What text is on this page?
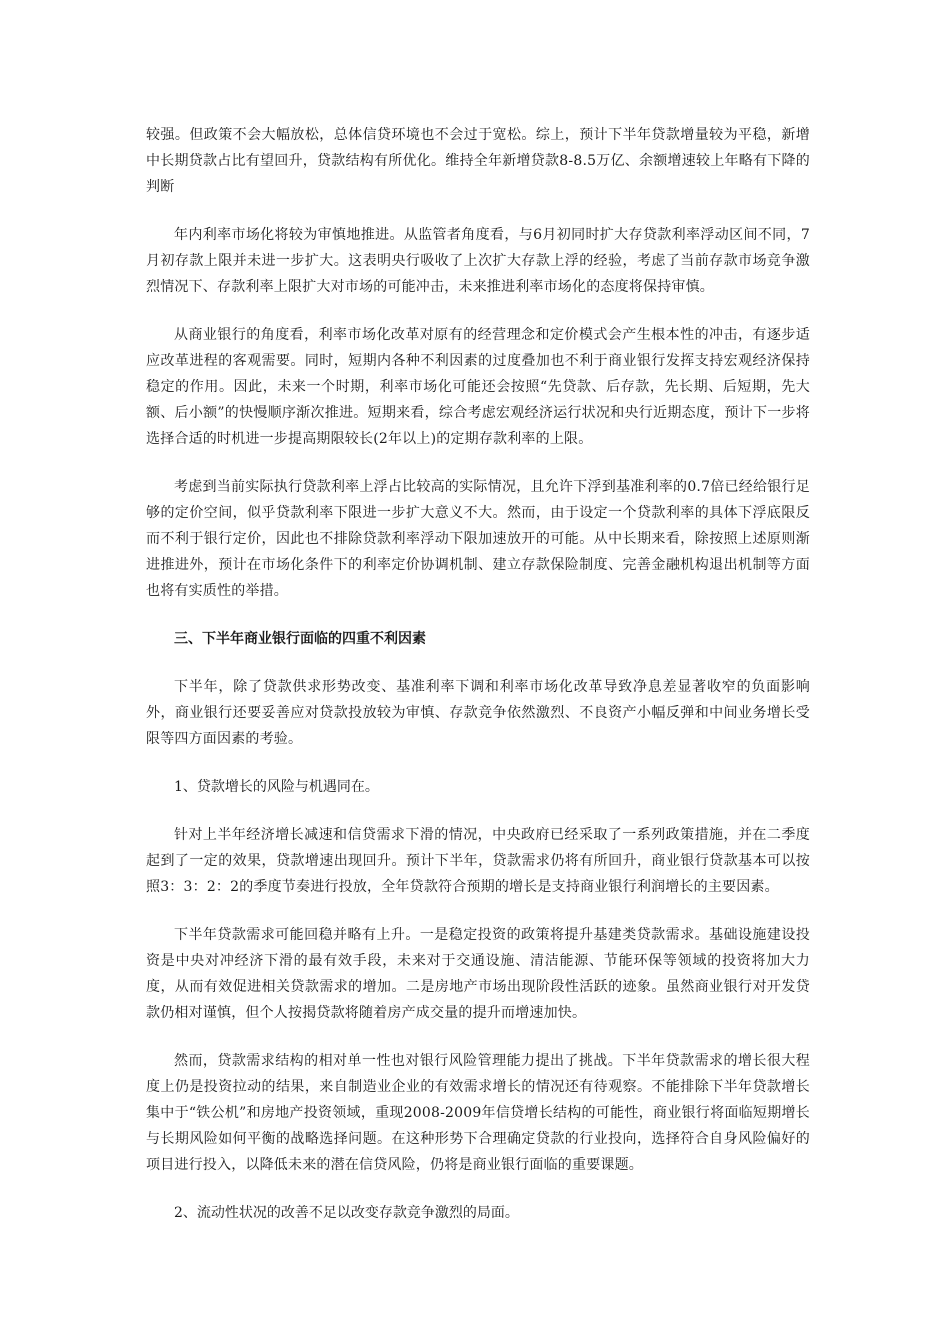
较强。但政策不会大幅放松，总体信贷环境也不会过于宽松。综上，预计下半年贷款增量较为平稳，新增中长期贷款占比有望回升，贷款结构有所优化。维持全年新增贷款8-8.5万亿、余额增速较上年略有下降的判断

年内利率市场化将较为审慎地推进。从监管者角度看，与6月初同时扩大存贷款利率浮动区间不同，7月初存款上限并未进一步扩大。这表明央行吸收了上次扩大存款上浮的经验，考虑了当前存款市场竞争激烈情况下、存款利率上限扩大对市场的可能冲击，未来推进利率市场化的态度将保持审慎。

从商业银行的角度看，利率市场化改革对原有的经营理念和定价模式会产生根本性的冲击，有逐步适应改革进程的客观需要。同时，短期内各种不利因素的过度叠加也不利于商业银行发挥支持宏观经济保持稳定的作用。因此，未来一个时期，利率市场化可能还会按照“先贷款、后存款，先长期、后短期，先大额、后小额”的快慢顺序渐次推进。短期来看，综合考虑宏观经济运行状况和央行近期态度，预计下一步将选择合适的时机进一步提高期限较长(2年以上)的定期存款利率的上限。

考虑到当前实际执行贷款利率上浮占比较高的实际情况，且允许下浮到基准利率的0.7倍已经给银行足够的定价空间，似乎贷款利率下限进一步扩大意义不大。然而，由于设定一个贷款利率的具体下浮底限反而不利于银行定价，因此也不排除贷款利率浮动下限加速放开的可能。从中长期来看，除按照上述原则渐进推进外，预计在市场化条件下的利率定价协调机制、建立存款保险制度、完善金融机构退出机制等方面也将有实质性的举措。

三、下半年商业银行面临的四重不利因素

下半年，除了贷款供求形势改变、基准利率下调和利率市场化改革导致净息差显著收窄的负面影响外，商业银行还要妥善应对贷款投放较为审慎、存款竞争依然激烈、不良资产小幅反弹和中间业务增长受限等四方面因素的考验。

1、贷款增长的风险与机遇同在。

针对上半年经济增长减速和信贷需求下滑的情况，中央政府已经采取了一系列政策措施，并在二季度起到了一定的效果，贷款增速出现回升。预计下半年，贷款需求仍将有所回升，商业银行贷款基本可以按照3：3：2：2的季度节奏进行投放，全年贷款符合预期的增长是支持商业银行利润增长的主要因素。

下半年贷款需求可能回稳并略有上升。一是稳定投资的政策将提升基建类贷款需求。基础设施建设投资是中央对冲经济下滑的最有效手段，未来对于交通设施、清洁能源、节能环保等领域的投资将加大力度，从而有效促进相关贷款需求的增加。二是房地产市场出现阶段性活跃的迹象。虽然商业银行对开发贷款仍相对谨慎，但个人按揭贷款将随着房产成交量的提升而增速加快。

然而，贷款需求结构的相对单一性也对银行风险管理能力提出了挑战。下半年贷款需求的增长很大程度上仍是投资拉动的结果，来自制造业企业的有效需求增长的情况还有待观察。不能排除下半年贷款增长集中于“铁公机”和房地产投资领域，重现2008-2009年信贷增长结构的可能性，商业银行将面临短期增长与长期风险如何平衡的战略选择问题。在这种形势下合理确定贷款的行业投向，选择符合自身风险偏好的项目进行投入，以降低未来的潜在信贷风险，仍将是商业银行面临的重要课题。

2、流动性状况的改善不足以改变存款竞争激烈的局面。
